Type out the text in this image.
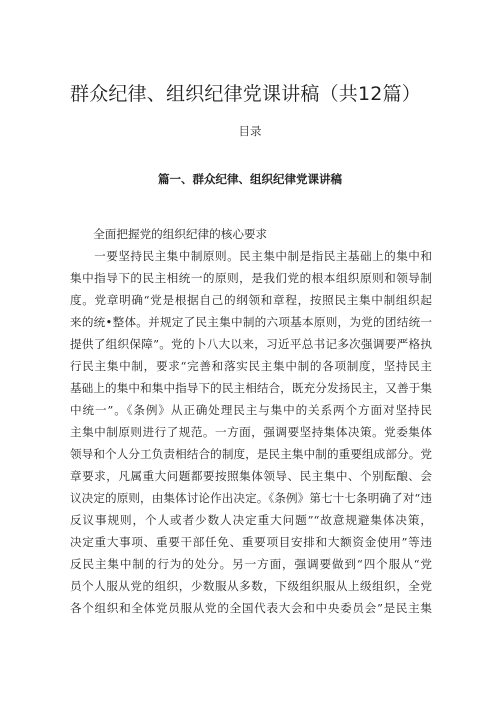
群众纪律、组织纪律党课讲稿（共12篇）
目录
篇一、群众纪律、组织纪律党课讲稿
　　全面把握党的组织纪律的核心要求
　　一要坚持民主集中制原则。民主集中制是指民主基础上的集中和
集中指导下的民主相统一的原则，是我们党的根本组织原则和领导制
度。党章明确“党是根据自己的纲领和章程，按照民主集中制组织起
来的统•整体。并规定了民主集中制的六项基本原则，为党的团结统一
提供了组织保障”。党的卜八大以来，习近平总书记多次强调要严格执
行民主集中制，要求“完善和落实民主集中制的各项制度，坚持民主
基础上的集中和集中指导下的民主相结合，既充分发扬民主，又善于集
中统一”。《条例》从正确处理民主与集中的关系两个方面对坚持民
主集中制原则进行了规范。一方面，强调要坚持集体决策。党委集体
领导和个人分工负责相结合的制度，是民主集中制的重要组成部分。党
章要求，凡属重大问题都要按照集体领导、民主集中、个别酝酿、会
议决定的原则，由集体讨论作出决定。《条例》第七十七条明确了对“违
反议事规则，个人或者少数人决定重大问题”“故意规避集体决策，
决定重大事项、重要干部任免、重要项目安排和大额资金使用”等违
反民主集中制的行为的处分。另一方面，强调要做到“四个服从“党
员个人服从党的组织，少数服从多数，下级组织服从上级组织，全党
各个组织和全体党员服从党的全国代表大会和中央委员会”是民主集
